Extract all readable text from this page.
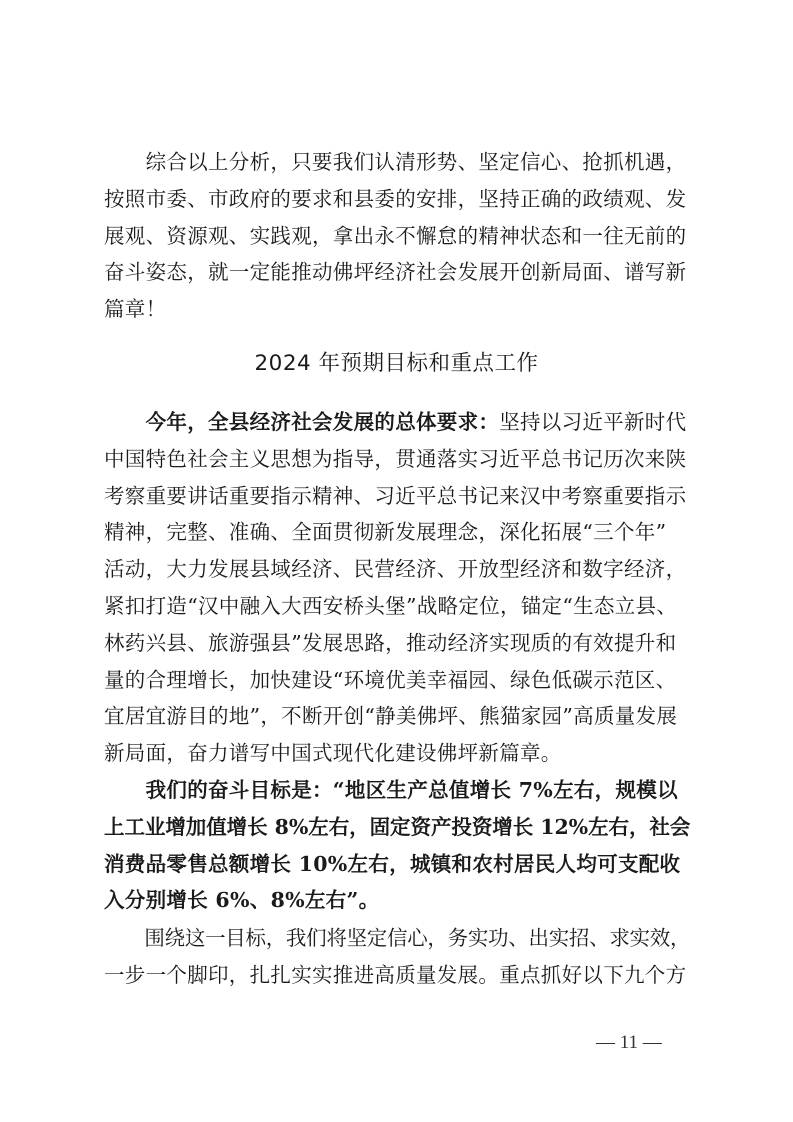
　　综合以上分析，只要我们认清形势、坚定信心、抢抓机遇，
按照市委、市政府的要求和县委的安排，坚持正确的政绩观、发
展观、资源观、实践观，拿出永不懈怠的精神状态和一往无前的
奋斗姿态，就一定能推动佛坪经济社会发展开创新局面、谱写新
篇章！
2024 年预期目标和重点工作
　　今年，全县经济社会发展的总体要求：坚持以习近平新时代
中国特色社会主义思想为指导，贯通落实习近平总书记历次来陕
考察重要讲话重要指示精神、习近平总书记来汉中考察重要指示
精神，完整、准确、全面贯彻新发展理念，深化拓展“三个年”
活动，大力发展县域经济、民营经济、开放型经济和数字经济，
紧扣打造“汉中融入大西安桥头堡”战略定位，锚定“生态立县、
林药兴县、旅游强县”发展思路，推动经济实现质的有效提升和
量的合理增长，加快建设“环境优美幸福园、绿色低碳示范区、
宜居宜游目的地”，不断开创“静美佛坪、熊猫家园”高质量发展
新局面，奋力谱写中国式现代化建设佛坪新篇章。
　　我们的奋斗目标是：“地区生产总值增长 7%左右，规模以
上工业增加值增长 8%左右，固定资产投资增长 12%左右，社会
消费品零售总额增长 10%左右，城镇和农村居民人均可支配收
入分别增长 6%、8%左右”。
　　围绕这一目标，我们将坚定信心，务实功、出实招、求实效，
一步一个脚印，扎扎实实推进高质量发展。重点抓好以下九个方
— 11 —
